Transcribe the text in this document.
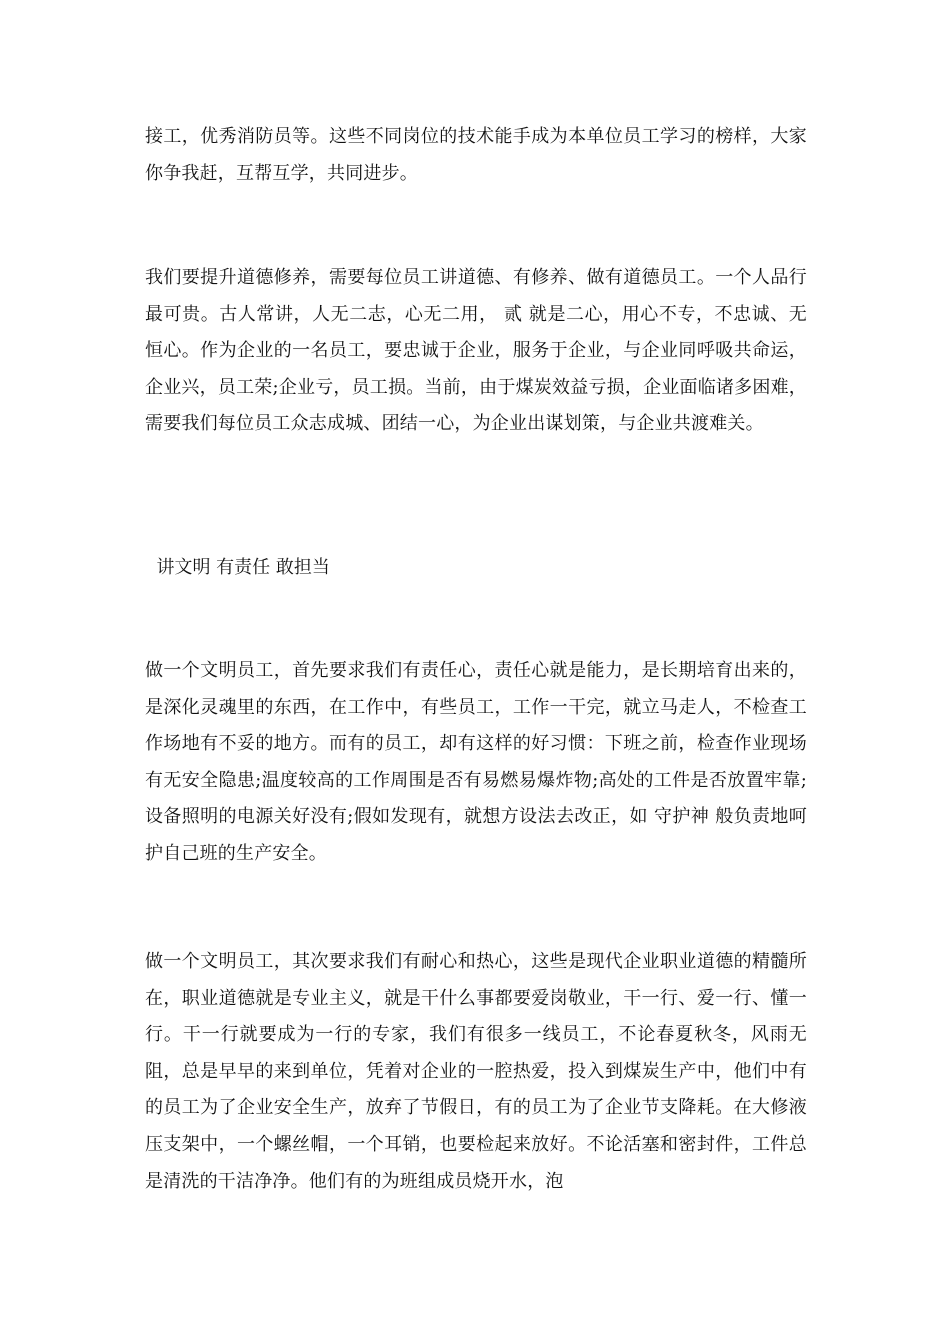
接工，优秀消防员等。这些不同岗位的技术能手成为本单位员工学习的榜样，大家你争我赶，互帮互学，共同进步。

我们要提升道德修养，需要每位员工讲道德、有修养、做有道德员工。一个人品行最可贵。古人常讲，人无二志，心无二用， 贰 就是二心，用心不专，不忠诚、无恒心。作为企业的一名员工，要忠诚于企业，服务于企业，与企业同呼吸共命运，企业兴，员工荣;企业亏，员工损。当前，由于煤炭效益亏损，企业面临诸多困难，需要我们每位员工众志成城、团结一心，为企业出谋划策，与企业共渡难关。

讲文明 有责任 敢担当

做一个文明员工，首先要求我们有责任心，责任心就是能力，是长期培育出来的，是深化灵魂里的东西，在工作中，有些员工，工作一干完，就立马走人，不检查工作场地有不妥的地方。而有的员工，却有这样的好习惯：下班之前，检查作业现场有无安全隐患;温度较高的工作周围是否有易燃易爆炸物;高处的工件是否放置牢靠;设备照明的电源关好没有;假如发现有，就想方设法去改正，如 守护神 般负责地呵护自己班的生产安全。

做一个文明员工，其次要求我们有耐心和热心，这些是现代企业职业道德的精髓所在，职业道德就是专业主义，就是干什么事都要爱岗敬业，干一行、爱一行、懂一行。干一行就要成为一行的专家，我们有很多一线员工，不论春夏秋冬，风雨无阻，总是早早的来到单位，凭着对企业的一腔热爱，投入到煤炭生产中，他们中有的员工为了企业安全生产，放弃了节假日，有的员工为了企业节支降耗。在大修液压支架中，一个螺丝帽，一个耳销，也要检起来放好。不论活塞和密封件，工件总是清洗的干洁净净。他们有的为班组成员烧开水，泡
